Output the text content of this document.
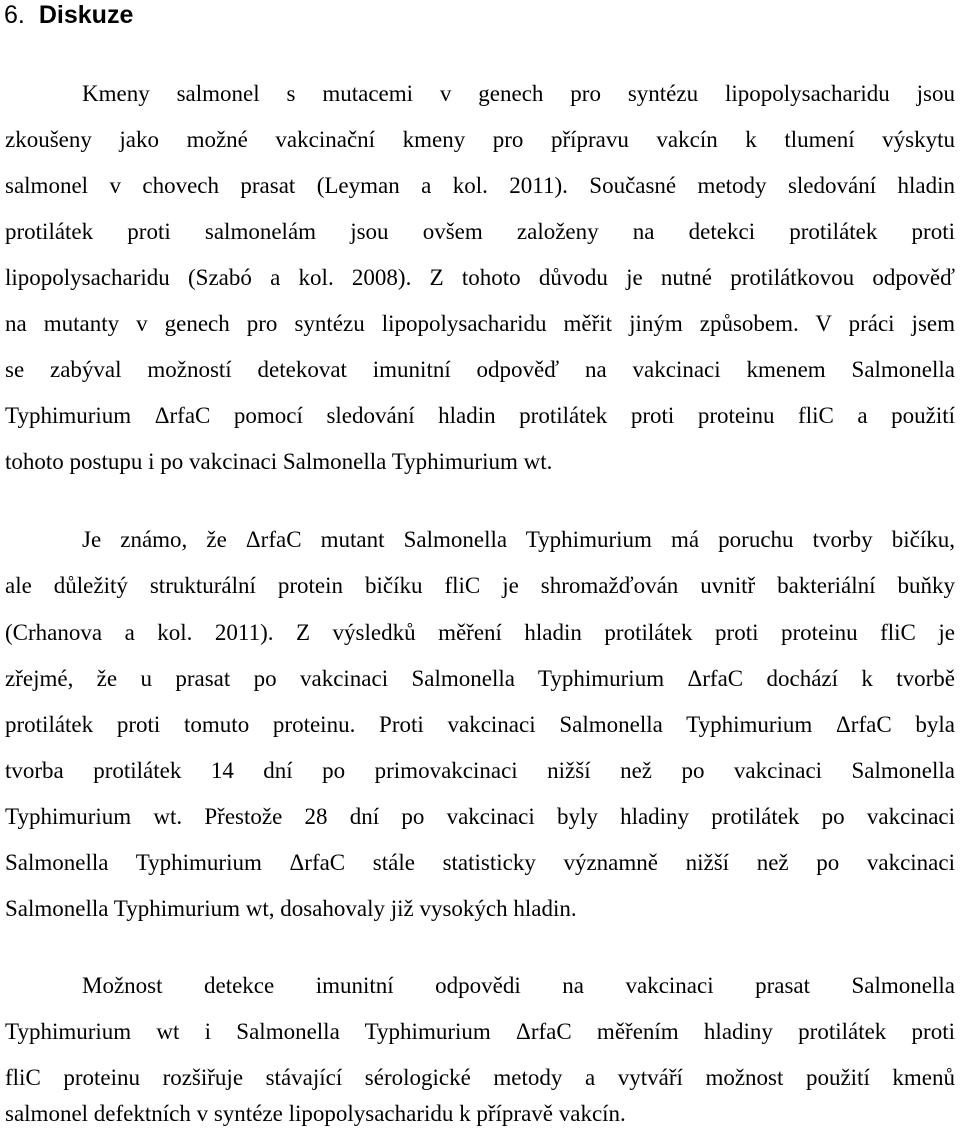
6. Diskuze
Kmeny salmonel s mutacemi v genech pro syntézu lipopolysacharidu jsou
zkoušeny jako možné vakcinační kmeny pro přípravu vakcín k tlumení výskytu
salmonel v chovech prasat (Leyman a kol. 2011). Současné metody sledování hladin
protilátek proti salmonelám jsou ovšem založeny na detekci protilátek proti
lipopolysacharidu (Szabó a kol. 2008). Z tohoto důvodu je nutné protilátkovou odpověď
na mutanty v genech pro syntézu lipopolysacharidu měřit jiným způsobem. V práci jsem
se zabýval možností detekovat imunitní odpověď na vakcinaci kmenem Salmonella
Typhimurium ΔrfaC pomocí sledování hladin protilátek proti proteinu fliC a použití
tohoto postupu i po vakcinaci Salmonella Typhimurium wt.
Je známo, že ΔrfaC mutant Salmonella Typhimurium má poruchu tvorby bičíku,
ale důležitý strukturální protein bičíku fliC je shromažďován uvnitř bakteriální buňky
(Crhanova a kol. 2011). Z výsledků měření hladin protilátek proti proteinu fliC je
zřejmé, že u prasat po vakcinaci Salmonella Typhimurium ΔrfaC dochází k tvorbě
protilátek proti tomuto proteinu. Proti vakcinaci Salmonella Typhimurium ΔrfaC byla
tvorba protilátek 14 dní po primovakcinaci nižší než po vakcinaci Salmonella
Typhimurium wt. Přestože 28 dní po vakcinaci byly hladiny protilátek po vakcinaci
Salmonella Typhimurium ΔrfaC stále statisticky významně nižší než po vakcinaci
Salmonella Typhimurium wt, dosahovaly již vysokých hladin.
Možnost detekce imunitní odpovědi na vakcinaci prasat Salmonella
Typhimurium wt i Salmonella Typhimurium ΔrfaC měřením hladiny protilátek proti
fliC proteinu rozšiřuje stávající sérologické metody a vytváří možnost použití kmenů
salmonel defektních v syntéze lipopolysacharidu k přípravě vakcín.
